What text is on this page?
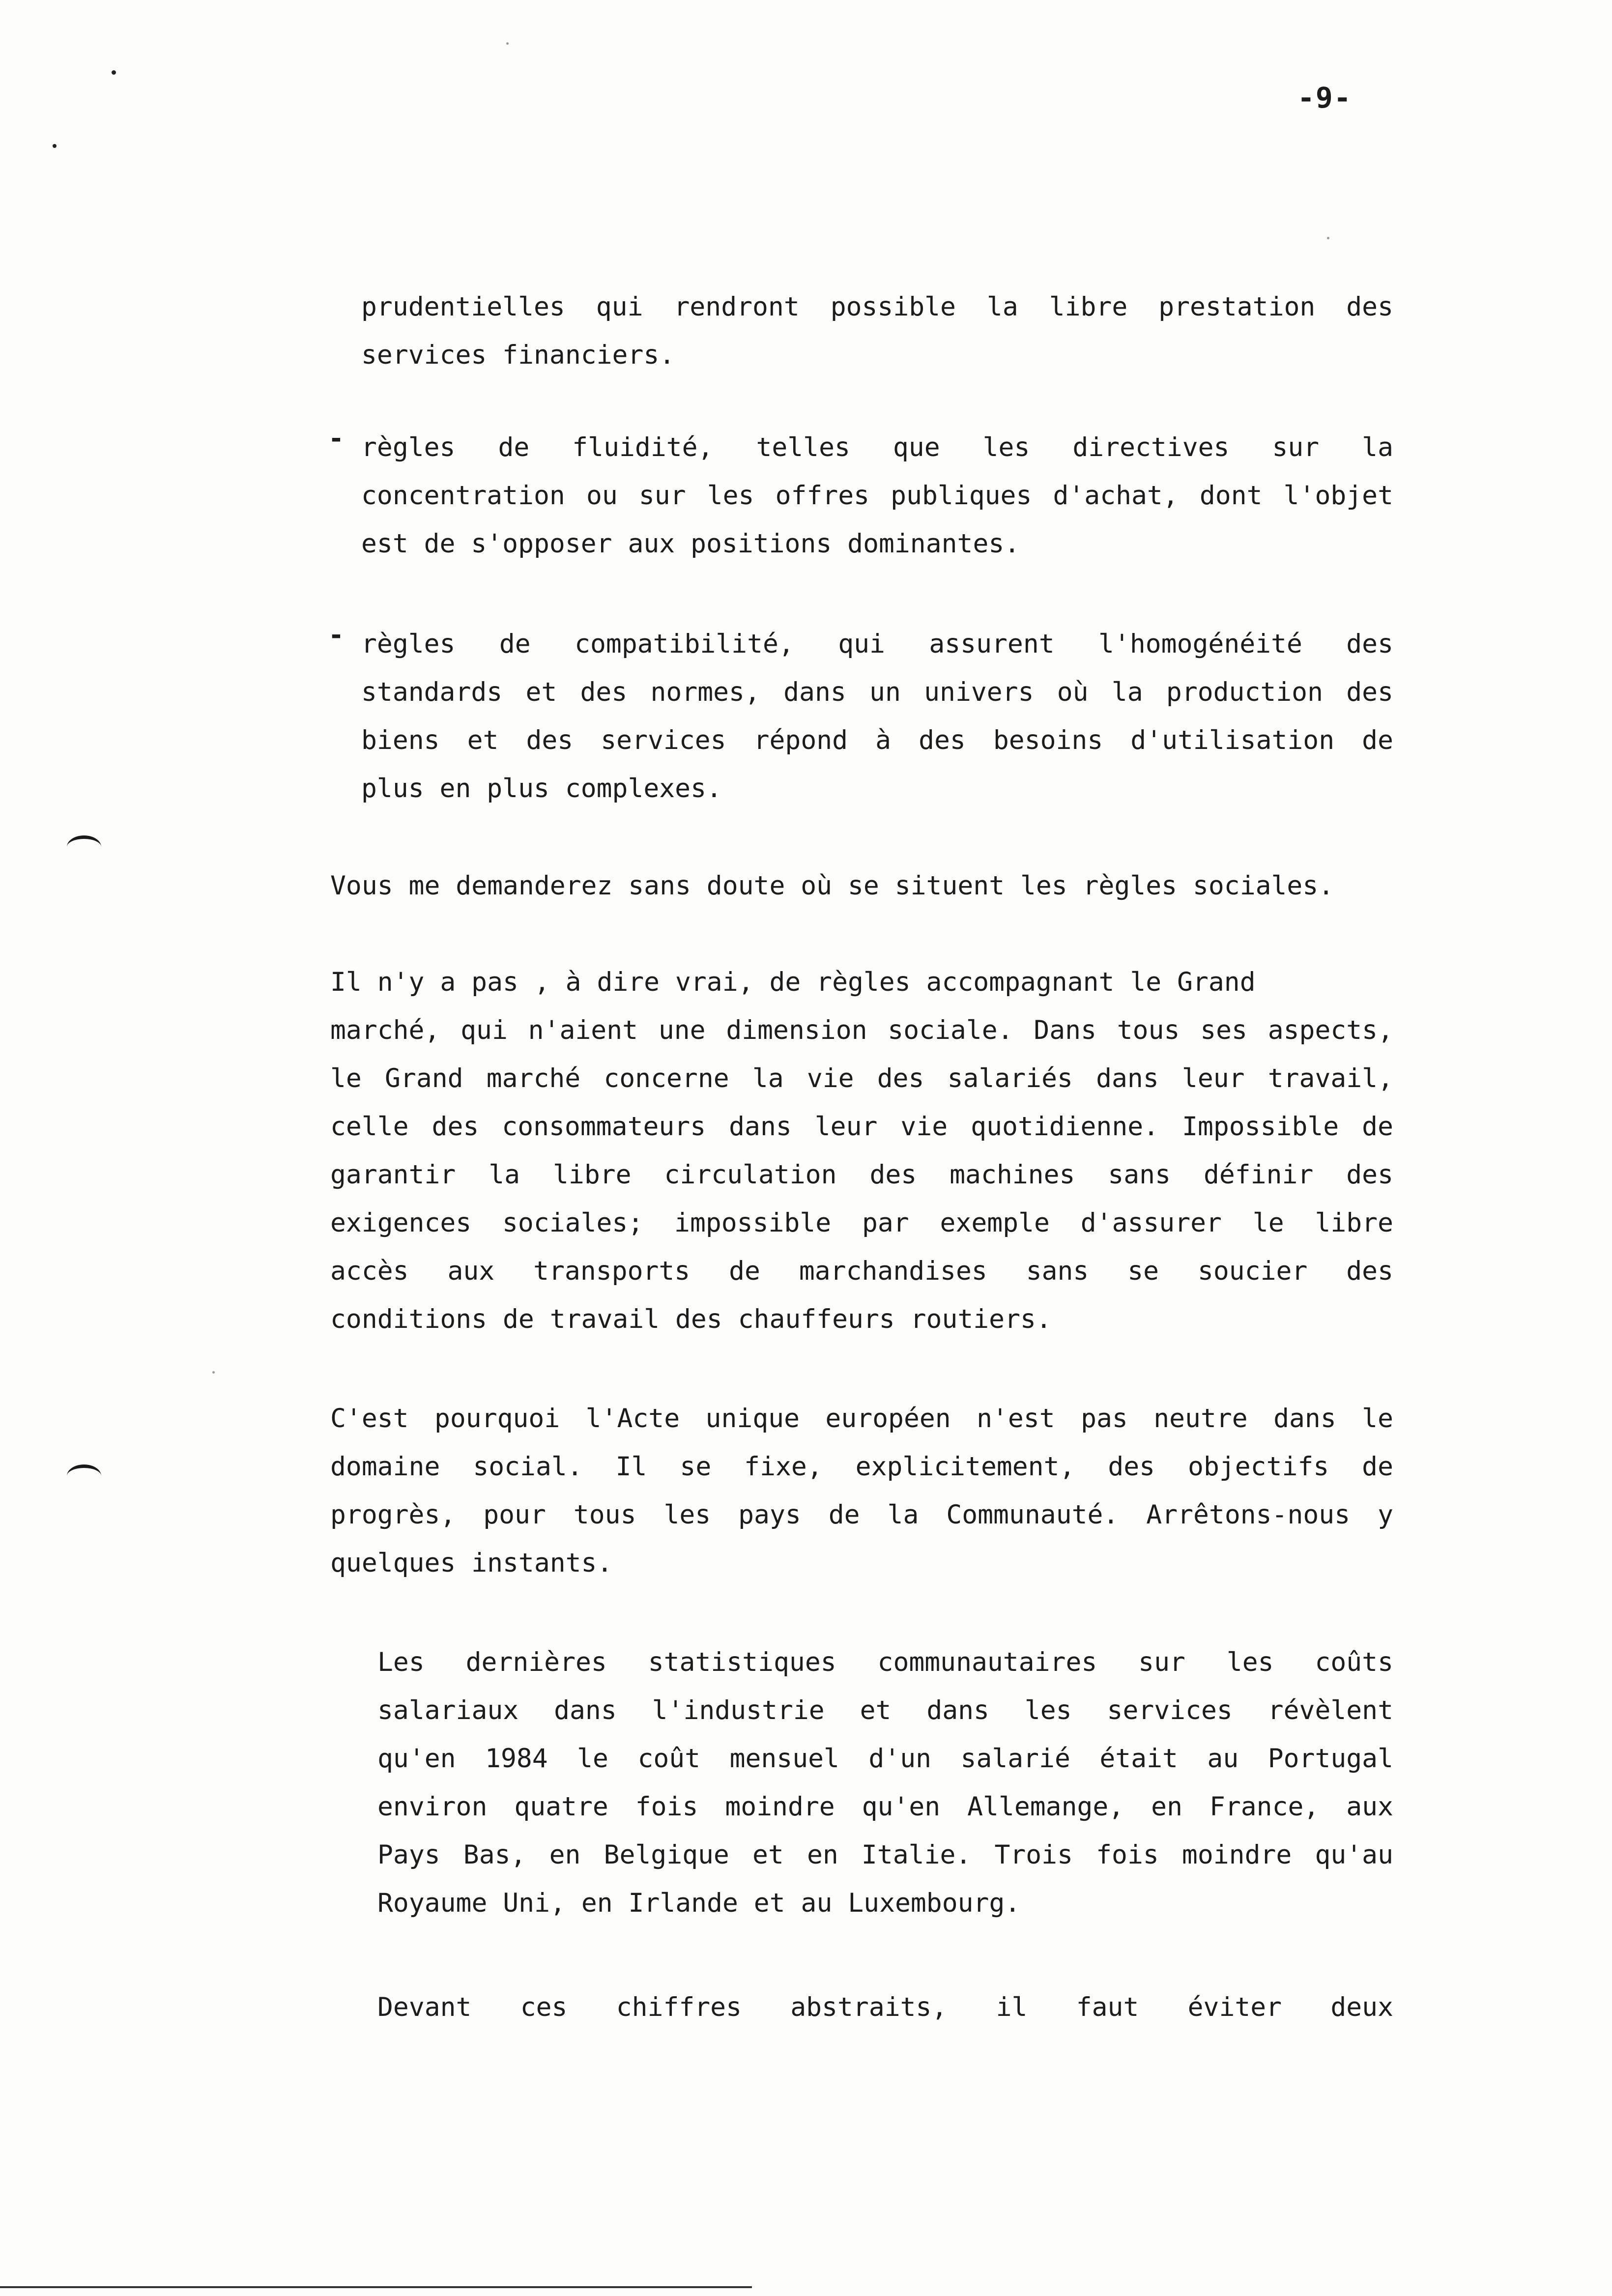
-9-
prudentielles qui rendront possible la libre prestation des
services financiers.
- règles de fluidité, telles que les directives sur la
concentration ou sur les offres publiques d'achat, dont l'objet
est de s'opposer aux positions dominantes.
- règles de compatibilité, qui assurent l'homogénéité des
standards et des normes, dans un univers où la production des
biens et des services répond à des besoins d'utilisation de
plus en plus complexes.
Vous me demanderez sans doute où se situent les règles sociales.
Il n'y a pas , à dire vrai, de règles accompagnant le Grand
marché, qui n'aient une dimension sociale. Dans tous ses aspects,
le Grand marché concerne la vie des salariés dans leur travail,
celle des consommateurs dans leur vie quotidienne. Impossible de
garantir la libre circulation des machines sans définir des
exigences sociales; impossible par exemple d'assurer le libre
accès aux transports de marchandises sans se soucier des
conditions de travail des chauffeurs routiers.
C'est pourquoi l'Acte unique européen n'est pas neutre dans le
domaine social. Il se fixe, explicitement, des objectifs de
progrès, pour tous les pays de la Communauté. Arrêtons-nous y
quelques instants.
Les dernières statistiques communautaires sur les coûts
salariaux dans l'industrie et dans les services révèlent
qu'en 1984 le coût mensuel d'un salarié était au Portugal
environ quatre fois moindre qu'en Allemange, en France, aux
Pays Bas, en Belgique et en Italie. Trois fois moindre qu'au
Royaume Uni, en Irlande et au Luxembourg.
Devant ces chiffres abstraits, il faut éviter deux
